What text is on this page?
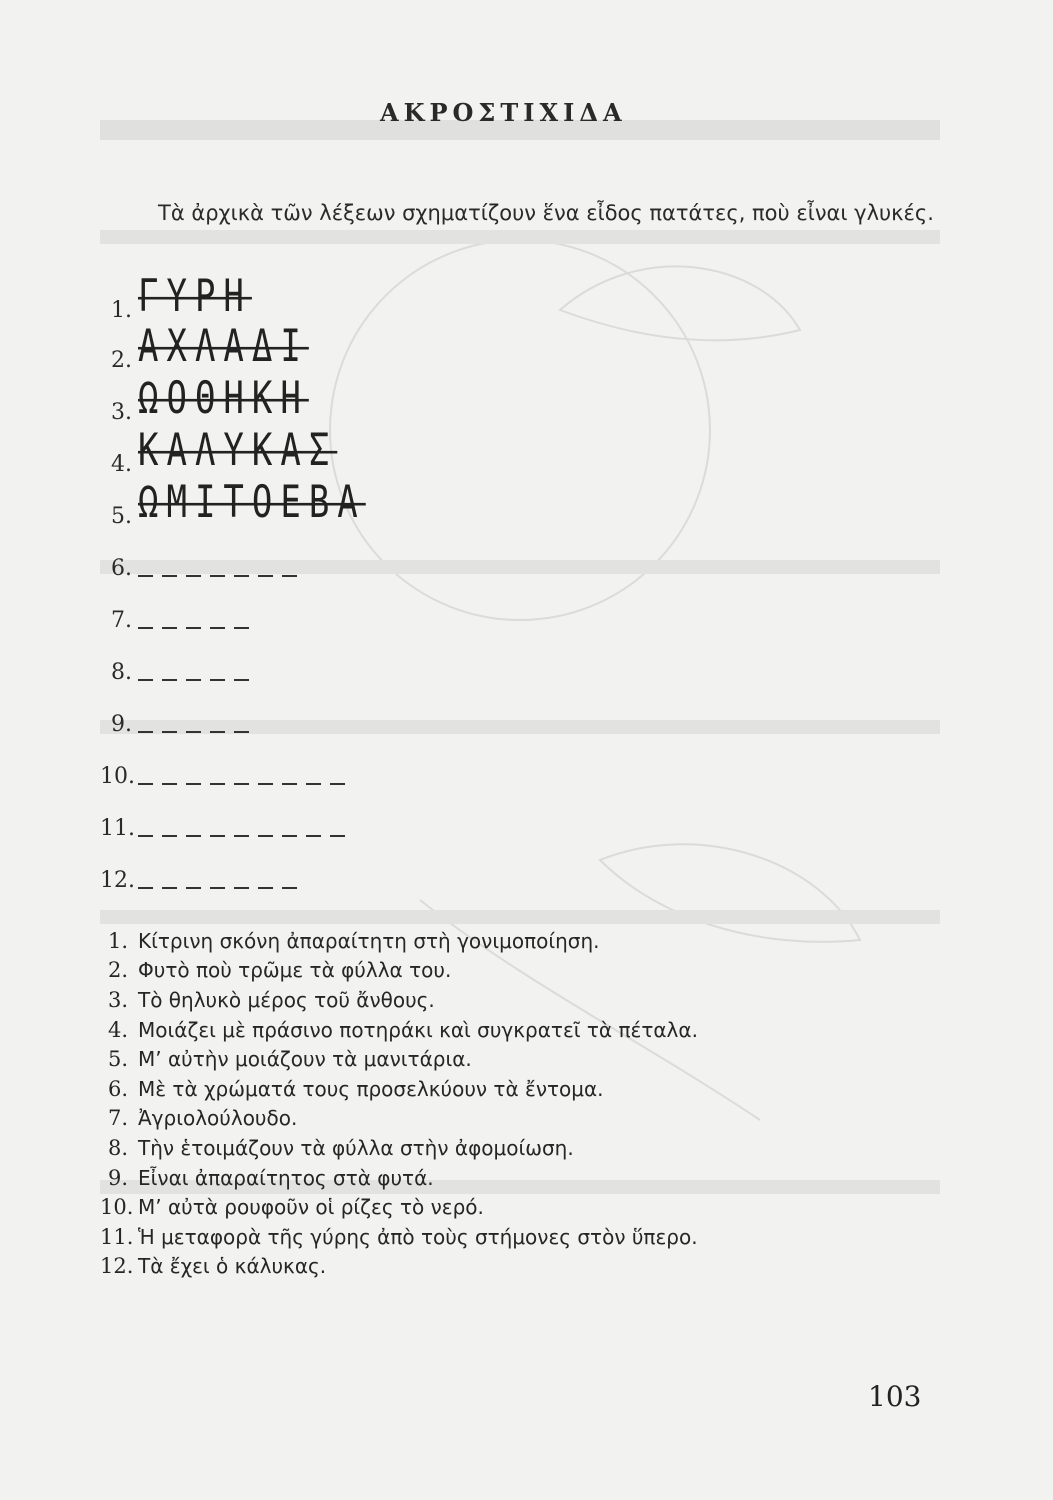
ΑΚΡΟΣΤΙΧΙΔΑ
Τὰ ἀρχικὰ τῶν λέξεων σχηματίζουν ἕνα εἶδος πατάτες, ποὺ εἶναι γλυκές.
1. ΓΥΡΗ
2. ΑΧΛΑΔΙ
3. ΩΟΘΗΚΗ
4. ΚΑΛΥΚΑΣ
5. ΩΜΙΤΟΕΒΑ
6.
7.
8.
9.
10.
11.
12.
1. Κίτρινη σκόνη ἀπαραίτητη στὴ γονιμοποίηση.
2. Φυτὸ ποὺ τρῶμε τὰ φύλλα του.
3. Τὸ θηλυκὸ μέρος τοῦ ἄνθους.
4. Μοιάζει μὲ πράσινο ποτηράκι καὶ συγκρατεῖ τὰ πέταλα.
5. Μ’ αὐτὴν μοιάζουν τὰ μανιτάρια.
6. Μὲ τὰ χρώματά τους προσελκύουν τὰ ἔντομα.
7. Ἀγριολούλουδο.
8. Τὴν ἑτοιμάζουν τὰ φύλλα στὴν ἀφομοίωση.
9. Εἶναι ἀπαραίτητος στὰ φυτά.
10. Μ’ αὐτὰ ρουφοῦν οἱ ρίζες τὸ νερό.
11. Ἡ μεταφορὰ τῆς γύρης ἀπὸ τοὺς στήμονες στὸν ὕπερο.
12. Τὰ ἔχει ὁ κάλυκας.
103
